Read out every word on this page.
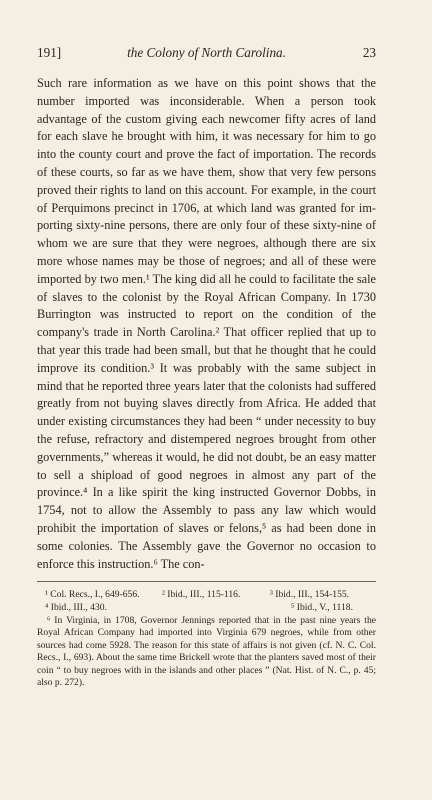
191]	the Colony of North Carolina.	23

Such rare information as we have on this point shows that the number imported was inconsiderable. When a person took advantage of the custom giving each newcomer fifty acres of land for each slave he brought with him, it was necessary for him to go into the county court and prove the fact of importation. The records of these courts, so far as we have them, show that very few persons proved their rights to land on this account. For example, in the court of Perquimons precinct in 1706, at which land was granted for importing sixty-nine persons, there are only four of these sixty-nine of whom we are sure that they were negroes, although there are six more whose names may be those of negroes; and all of these were imported by two men.¹ The king did all he could to facilitate the sale of slaves to the colonist by the Royal African Company. In 1730 Burrington was instructed to report on the condition of the company's trade in North Carolina.² That officer replied that up to that year this trade had been small, but that he thought that he could improve its condition.³ It was probably with the same subject in mind that he reported three years later that the colonists had suffered greatly from not buying slaves directly from Africa. He added that under existing circumstances they had been “ under necessity to buy the refuse, refractory and distempered negroes brought from other governments,” whereas it would, he did not doubt, be an easy matter to sell a shipload of good negroes in almost any part of the province.⁴ In a like spirit the king instructed Governor Dobbs, in 1754, not to allow the Assembly to pass any law which would prohibit the importation of slaves or felons,⁵ as had been done in some colonies. The Assembly gave the Governor no occasion to enforce this instruction.⁶ The con-

¹ Col. Recs., I., 649-656. ² Ibid., III., 115-116.	³ Ibid., III., 154-155.
⁴ Ibid., III., 430.	⁵ Ibid., V., 1118.

⁶ In Virginia, in 1708, Governor Jennings reported that in the past nine years the Royal African Company had imported into Virginia 679 negroes, while from other sources had come 5928. The reason for this state of affairs is not given (cf. N. C. Col. Recs., I., 693). About the same time Brickell wrote that the planters saved most of their coin “ to buy negroes with in the islands and other places ” (Nat. Hist. of N. C., p. 45; also p. 272).
